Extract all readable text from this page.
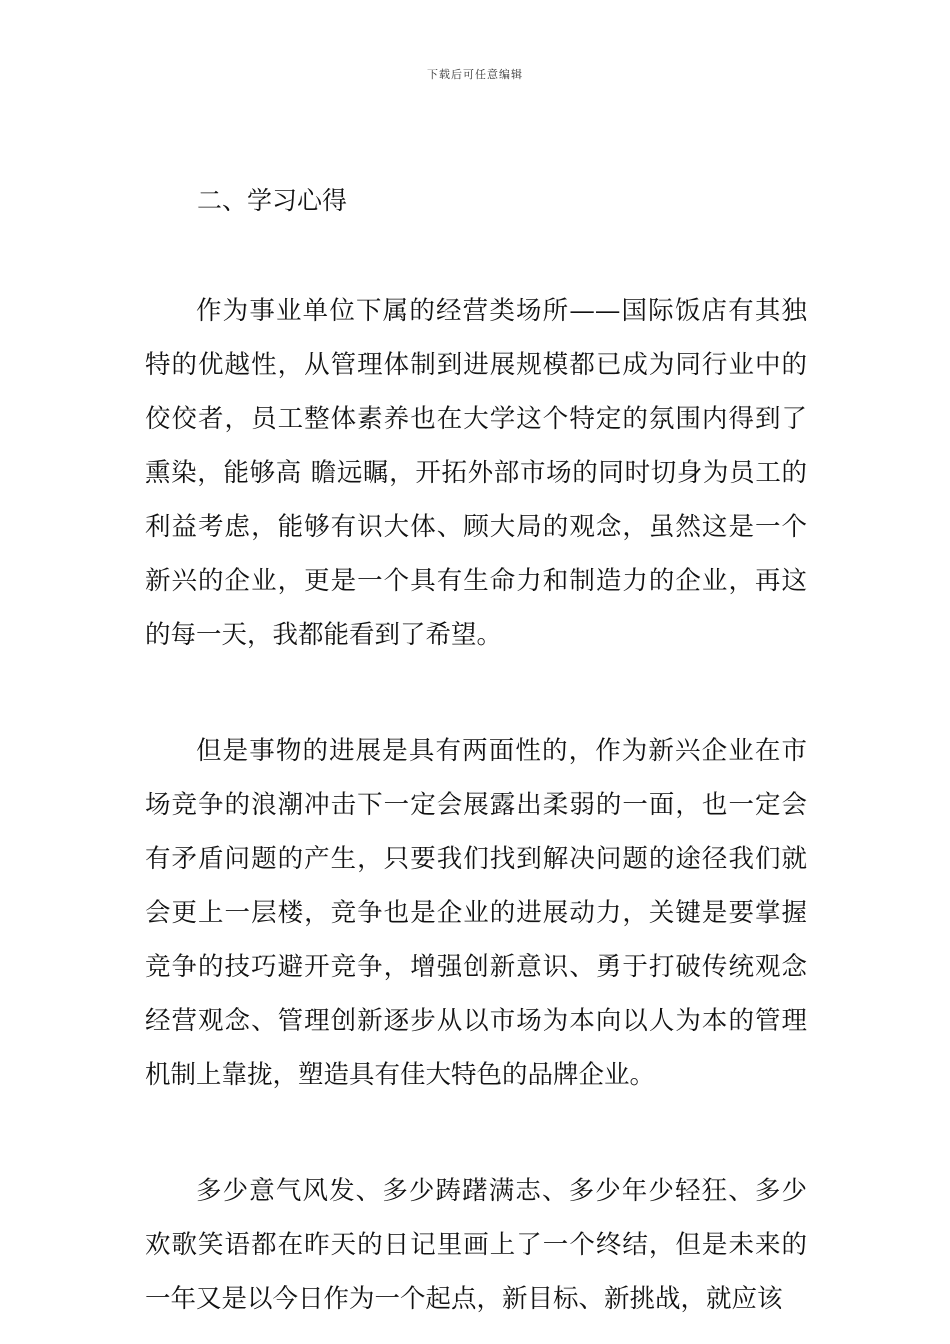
下载后可任意编辑
二、学习心得

作为事业单位下属的经营类场所——国际饭店有其独特的优越性，从管理体制到进展规模都已成为同行业中的佼佼者，员工整体素养也在大学这个特定的氛围内得到了熏染，能够高 瞻远瞩，开拓外部市场的同时切身为员工的利益考虑，能够有识大体、顾大局的观念，虽然这是一个新兴的企业，更是一个具有生命力和制造力的企业，再这的每一天，我都能看到了希望。

但是事物的进展是具有两面性的，作为新兴企业在市场竞争的浪潮冲击下一定会展露出柔弱的一面，也一定会有矛盾问题的产生，只要我们找到解决问题的途径我们就会更上一层楼，竞争也是企业的进展动力，关键是要掌握竞争的技巧避开竞争，增强创新意识、勇于打破传统观念经营观念、管理创新逐步从以市场为本向以人为本的管理机制上靠拢，塑造具有佳大特色的品牌企业。

多少意气风发、多少踌躇满志、多少年少轻狂、多少欢歌笑语都在昨天的日记里画上了一个终结，但是未来的一年又是以今日作为一个起点，新目标、新挑战，就应该
